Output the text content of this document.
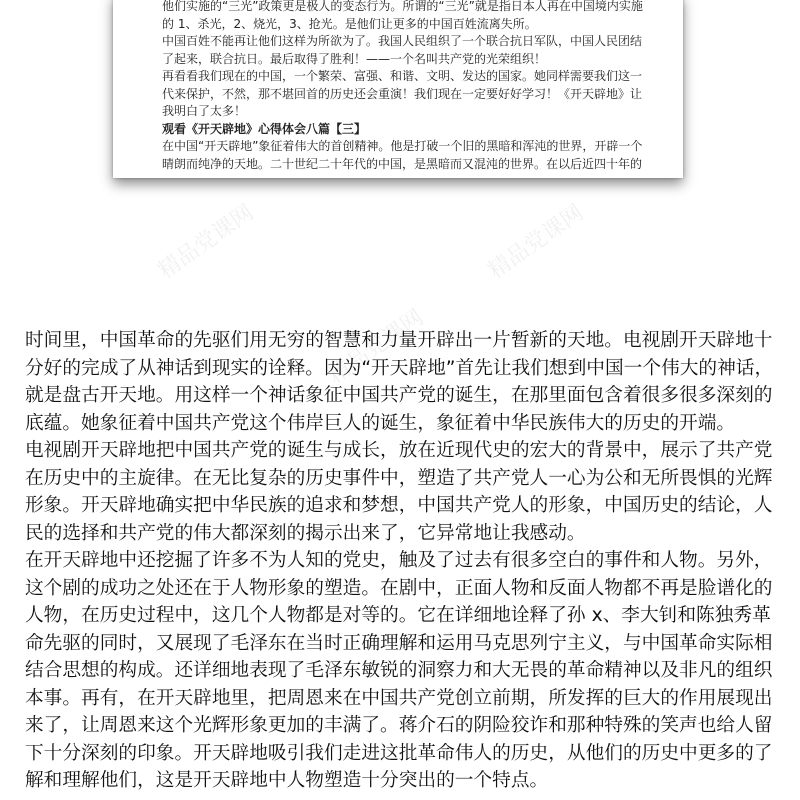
他们实施的“三光”政策更是极人的变态行为。所谓的“三光”就是指日本人再在中国境内实施
的 1、杀光，2、烧光，3、抢光。是他们让更多的中国百姓流离失所。
中国百姓不能再让他们这样为所欲为了。我国人民组织了一个联合抗日军队，中国人民团结
了起来，联合抗日。最后取得了胜利！——一个名叫共产党的光荣组织！
再看看我们现在的中国，一个繁荣、富强、和谐、文明、发达的国家。她同样需要我们这一
代来保护，不然，那不堪回首的历史还会重演！我们现在一定要好好学习！《开天辟地》让
我明白了太多！
观看《开天辟地》心得体会八篇【三】
在中国“开天辟地”象征着伟大的首创精神。他是打破一个旧的黑暗和浑沌的世界，开辟一个
晴朗而纯净的天地。二十世纪二十年代的中国，是黑暗而又混沌的世界。在以后近四十年的
精品党课网	精品党课网
精品党课网
时间里，中国革命的先驱们用无穷的智慧和力量开辟出一片暂新的天地。电视剧开天辟地十
分好的完成了从神话到现实的诠释。因为“开天辟地”首先让我们想到中国一个伟大的神话，
就是盘古开天地。用这样一个神话象征中国共产党的诞生，在那里面包含着很多很多深刻的
底蕴。她象征着中国共产党这个伟岸巨人的诞生，象征着中华民族伟大的历史的开端。
电视剧开天辟地把中国共产党的诞生与成长，放在近现代史的宏大的背景中，展示了共产党
在历史中的主旋律。在无比复杂的历史事件中，塑造了共产党人一心为公和无所畏惧的光辉
形象。开天辟地确实把中华民族的追求和梦想，中国共产党人的形象，中国历史的结论，人
民的选择和共产党的伟大都深刻的揭示出来了，它异常地让我感动。
在开天辟地中还挖掘了许多不为人知的党史，触及了过去有很多空白的事件和人物。另外，
这个剧的成功之处还在于人物形象的塑造。在剧中，正面人物和反面人物都不再是脸谱化的
人物，在历史过程中，这几个人物都是对等的。它在详细地诠释了孙 x、李大钊和陈独秀革
命先驱的同时，又展现了毛泽东在当时正确理解和运用马克思列宁主义，与中国革命实际相
结合思想的构成。还详细地表现了毛泽东敏锐的洞察力和大无畏的革命精神以及非凡的组织
本事。再有，在开天辟地里，把周恩来在中国共产党创立前期，所发挥的巨大的作用展现出
来了，让周恩来这个光辉形象更加的丰满了。蒋介石的阴险狡诈和那种特殊的笑声也给人留
下十分深刻的印象。开天辟地吸引我们走进这批革命伟人的历史，从他们的历史中更多的了
解和理解他们，这是开天辟地中人物塑造十分突出的一个特点。
